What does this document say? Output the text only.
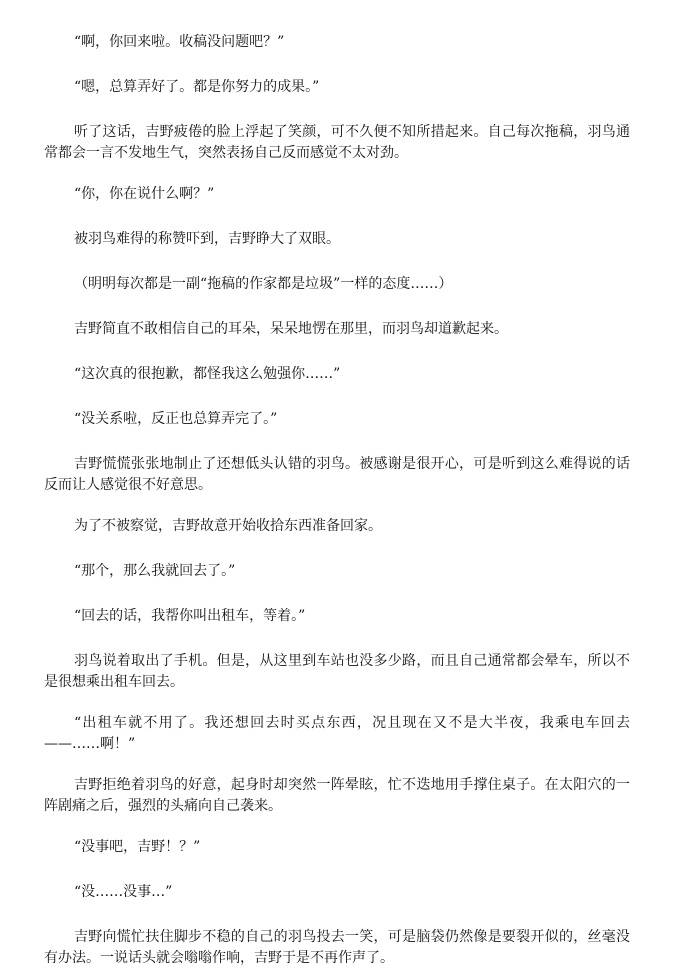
“啊，你回来啦。收稿没问题吧？”

“嗯，总算弄好了。都是你努力的成果。”

听了这话，吉野疲倦的脸上浮起了笑颜，可不久便不知所措起来。自己每次拖稿，羽鸟通常都会一言不发地生气，突然表扬自己反而感觉不太对劲。

“你，你在说什么啊？”

被羽鸟难得的称赞吓到，吉野睁大了双眼。

（明明每次都是一副“拖稿的作家都是垃圾”一样的态度……）

吉野简直不敢相信自己的耳朵，呆呆地愣在那里，而羽鸟却道歉起来。

“这次真的很抱歉，都怪我这么勉强你……”

“没关系啦，反正也总算弄完了。”

吉野慌慌张张地制止了还想低头认错的羽鸟。被感谢是很开心，可是听到这么难得说的话反而让人感觉很不好意思。

为了不被察觉，吉野故意开始收拾东西准备回家。

“那个，那么我就回去了。”

“回去的话，我帮你叫出租车，等着。”

羽鸟说着取出了手机。但是，从这里到车站也没多少路，而且自己通常都会晕车，所以不是很想乘出租车回去。

“出租车就不用了。我还想回去时买点东西，况且现在又不是大半夜，我乘电车回去——……啊！”

吉野拒绝着羽鸟的好意，起身时却突然一阵晕眩，忙不迭地用手撑住桌子。在太阳穴的一阵剧痛之后，强烈的头痛向自己袭来。

“没事吧，吉野！？”

“没……没事…”

吉野向慌忙扶住脚步不稳的自己的羽鸟投去一笑，可是脑袋仍然像是要裂开似的，丝毫没有办法。一说话头就会嗡嗡作响，吉野于是不再作声了。
